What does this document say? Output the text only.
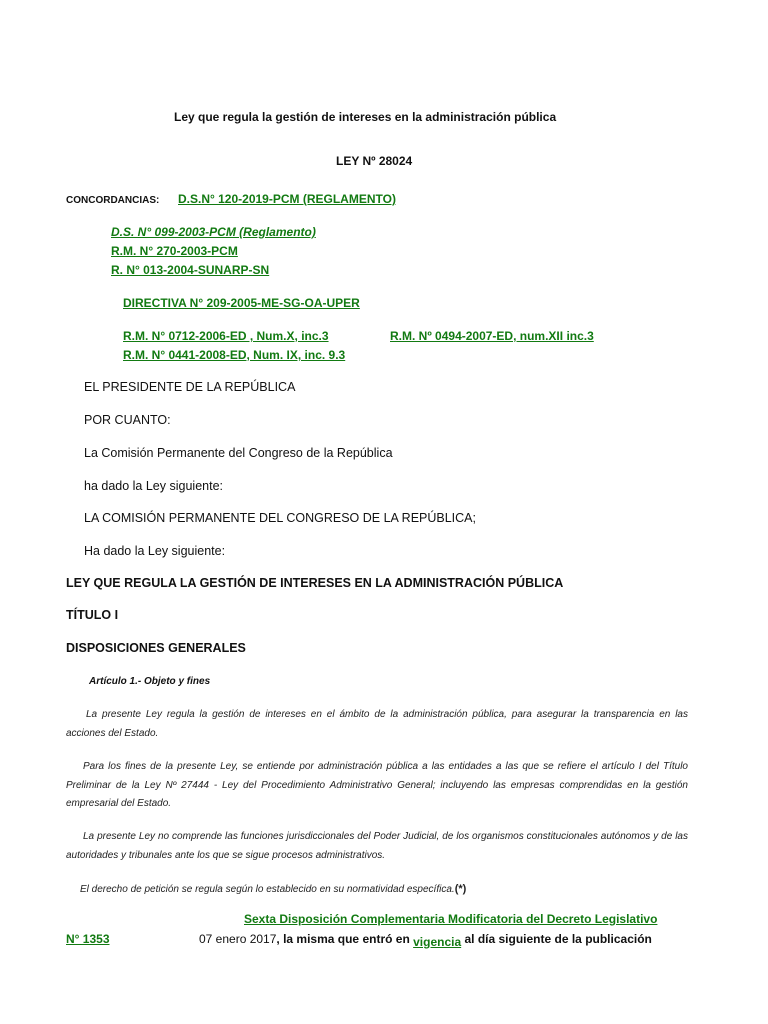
Ley que regula la gestión de intereses en la administración pública
LEY Nº 28024
CONCORDANCIAS: D.S.N° 120-2019-PCM (REGLAMENTO)
D.S. N° 099-2003-PCM (Reglamento)
R.M. N° 270-2003-PCM
R. N° 013-2004-SUNARP-SN
DIRECTIVA N° 209-2005-ME-SG-OA-UPER
R.M. N° 0712-2006-ED , Num.X, inc.3	R.M. Nº 0494-2007-ED, num.XII inc.3
R.M. N° 0441-2008-ED, Num. IX, inc. 9.3
EL PRESIDENTE DE LA REPÚBLICA
POR CUANTO:
La Comisión Permanente del Congreso de la República
ha dado la Ley siguiente:
LA COMISIÓN PERMANENTE DEL CONGRESO DE LA REPÚBLICA;
Ha dado la Ley siguiente:
LEY QUE REGULA LA GESTIÓN DE INTERESES EN LA ADMINISTRACIÓN PÚBLICA
TÍTULO I
DISPOSICIONES GENERALES
Artículo 1.- Objeto y fines
La presente Ley regula la gestión de intereses en el ámbito de la administración pública, para asegurar la transparencia en las acciones del Estado.
Para los fines de la presente Ley, se entiende por administración pública a las entidades a las que se refiere el artículo I del Título Preliminar de la Ley Nº 27444 - Ley del Procedimiento Administrativo General; incluyendo las empresas comprendidas en la gestión empresarial del Estado.
La presente Ley no comprende las funciones jurisdiccionales del Poder Judicial, de los organismos constitucionales autónomos y de las autoridades y tribunales ante los que se sigue procesos administrativos.
El derecho de petición se regula según lo establecido en su normatividad específica.(*)
Sexta Disposición Complementaria Modificatoria del Decreto Legislativo
N° 1353	07 enero 2017, la misma que entró en vigencia al día siguiente de la publicación
